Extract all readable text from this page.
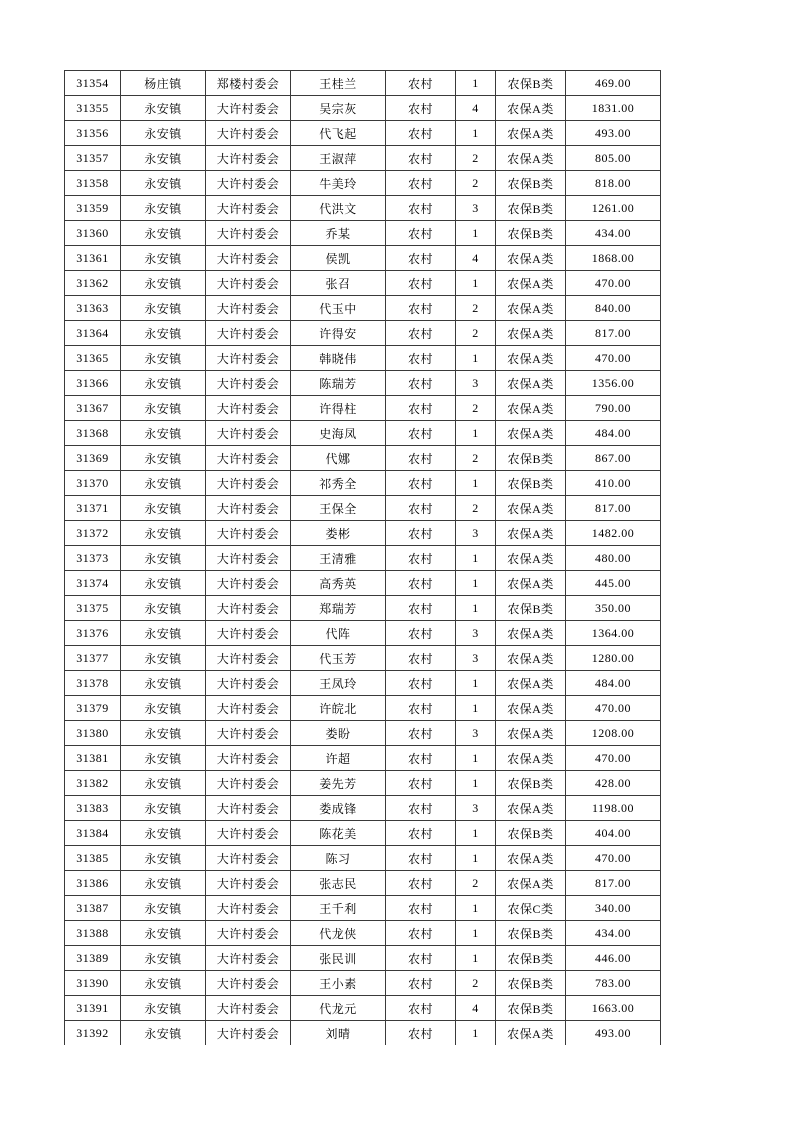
31354	杨庄镇	郑楼村委会	王桂兰	农村	1	农保B类	469.00
31355	永安镇	大许村委会	吴宗灰	农村	4	农保A类	1831.00
31356	永安镇	大许村委会	代飞起	农村	1	农保A类	493.00
31357	永安镇	大许村委会	王淑萍	农村	2	农保A类	805.00
31358	永安镇	大许村委会	牛美玲	农村	2	农保B类	818.00
31359	永安镇	大许村委会	代洪文	农村	3	农保B类	1261.00
31360	永安镇	大许村委会	乔某	农村	1	农保B类	434.00
31361	永安镇	大许村委会	侯凯	农村	4	农保A类	1868.00
31362	永安镇	大许村委会	张召	农村	1	农保A类	470.00
31363	永安镇	大许村委会	代玉中	农村	2	农保A类	840.00
31364	永安镇	大许村委会	许得安	农村	2	农保A类	817.00
31365	永安镇	大许村委会	韩晓伟	农村	1	农保A类	470.00
31366	永安镇	大许村委会	陈瑞芳	农村	3	农保A类	1356.00
31367	永安镇	大许村委会	许得柱	农村	2	农保A类	790.00
31368	永安镇	大许村委会	史海凤	农村	1	农保A类	484.00
31369	永安镇	大许村委会	代娜	农村	2	农保B类	867.00
31370	永安镇	大许村委会	祁秀全	农村	1	农保B类	410.00
31371	永安镇	大许村委会	王保全	农村	2	农保A类	817.00
31372	永安镇	大许村委会	娄彬	农村	3	农保A类	1482.00
31373	永安镇	大许村委会	王清雅	农村	1	农保A类	480.00
31374	永安镇	大许村委会	高秀英	农村	1	农保A类	445.00
31375	永安镇	大许村委会	郑瑞芳	农村	1	农保B类	350.00
31376	永安镇	大许村委会	代阵	农村	3	农保A类	1364.00
31377	永安镇	大许村委会	代玉芳	农村	3	农保A类	1280.00
31378	永安镇	大许村委会	王凤玲	农村	1	农保A类	484.00
31379	永安镇	大许村委会	许皖北	农村	1	农保A类	470.00
31380	永安镇	大许村委会	娄盼	农村	3	农保A类	1208.00
31381	永安镇	大许村委会	许超	农村	1	农保A类	470.00
31382	永安镇	大许村委会	姜先芳	农村	1	农保B类	428.00
31383	永安镇	大许村委会	娄成锋	农村	3	农保A类	1198.00
31384	永安镇	大许村委会	陈花美	农村	1	农保B类	404.00
31385	永安镇	大许村委会	陈习	农村	1	农保A类	470.00
31386	永安镇	大许村委会	张志民	农村	2	农保A类	817.00
31387	永安镇	大许村委会	王千利	农村	1	农保C类	340.00
31388	永安镇	大许村委会	代龙侠	农村	1	农保B类	434.00
31389	永安镇	大许村委会	张民训	农村	1	农保B类	446.00
31390	永安镇	大许村委会	王小素	农村	2	农保B类	783.00
31391	永安镇	大许村委会	代龙元	农村	4	农保B类	1663.00
31392	永安镇	大许村委会	刘晴	农村	1	农保A类	493.00
